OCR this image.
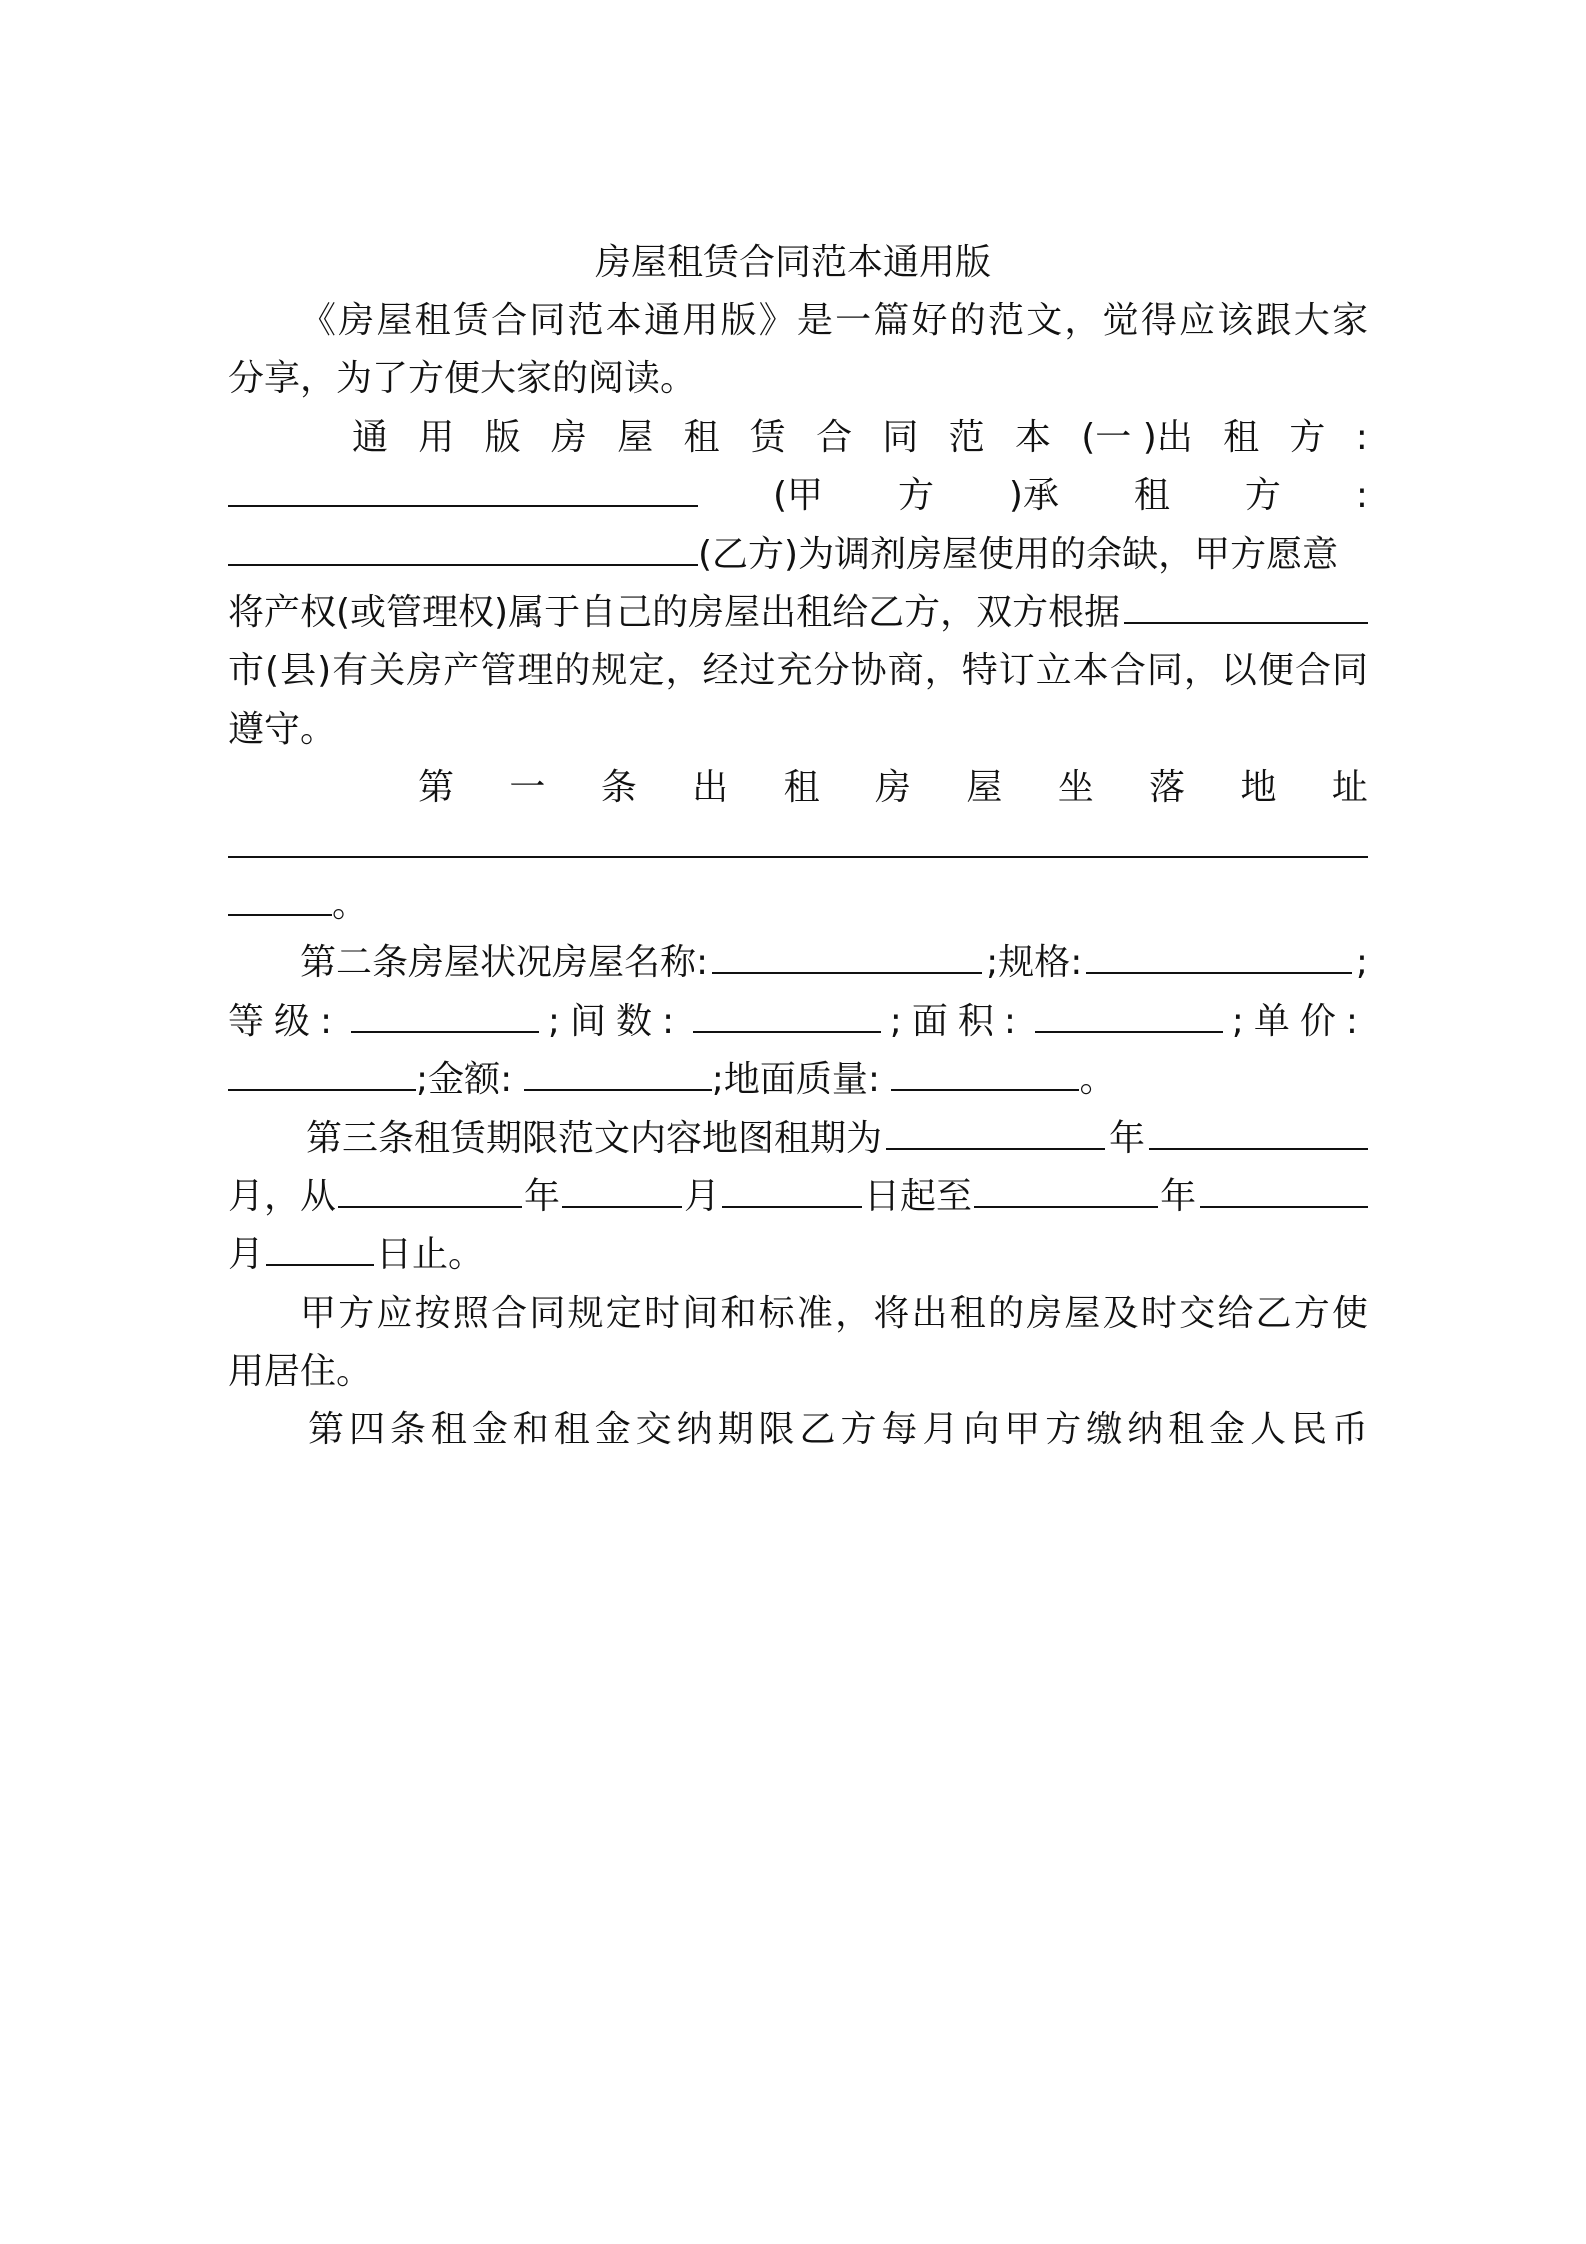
房屋租赁合同范本通用版
《房屋租赁合同范本通用版》是一篇好的范文，觉得应该跟大家
分享，为了方便大家的阅读。
通 用 版 房 屋 租 赁 合 同 范 本 (一 )出 租 方 :
(甲 方 )承 租 方 :
(乙方)为调剂房屋使用的余缺，甲方愿意
将产权(或管理权)属于自己的房屋出租给乙方，双方根据
市(县)有关房产管理的规定，经过充分协商，特订立本合同，以便合同
遵守。
第 一 条 出 租 房 屋 坐 落 地 址
。
第二条房屋状况房屋名称:	;规格:	;
等级:	;间数:	;面积:	;单价:
;金额:	;地面质量:	。
第三条租赁期限范文内容地图租期为	年
月，从	年	月	日起至	年
月	日止。
甲方应按照合同规定时间和标准，将出租的房屋及时交给乙方使
用居住。
第四条租金和租金交纳期限乙方每月向甲方缴纳租金人民币
